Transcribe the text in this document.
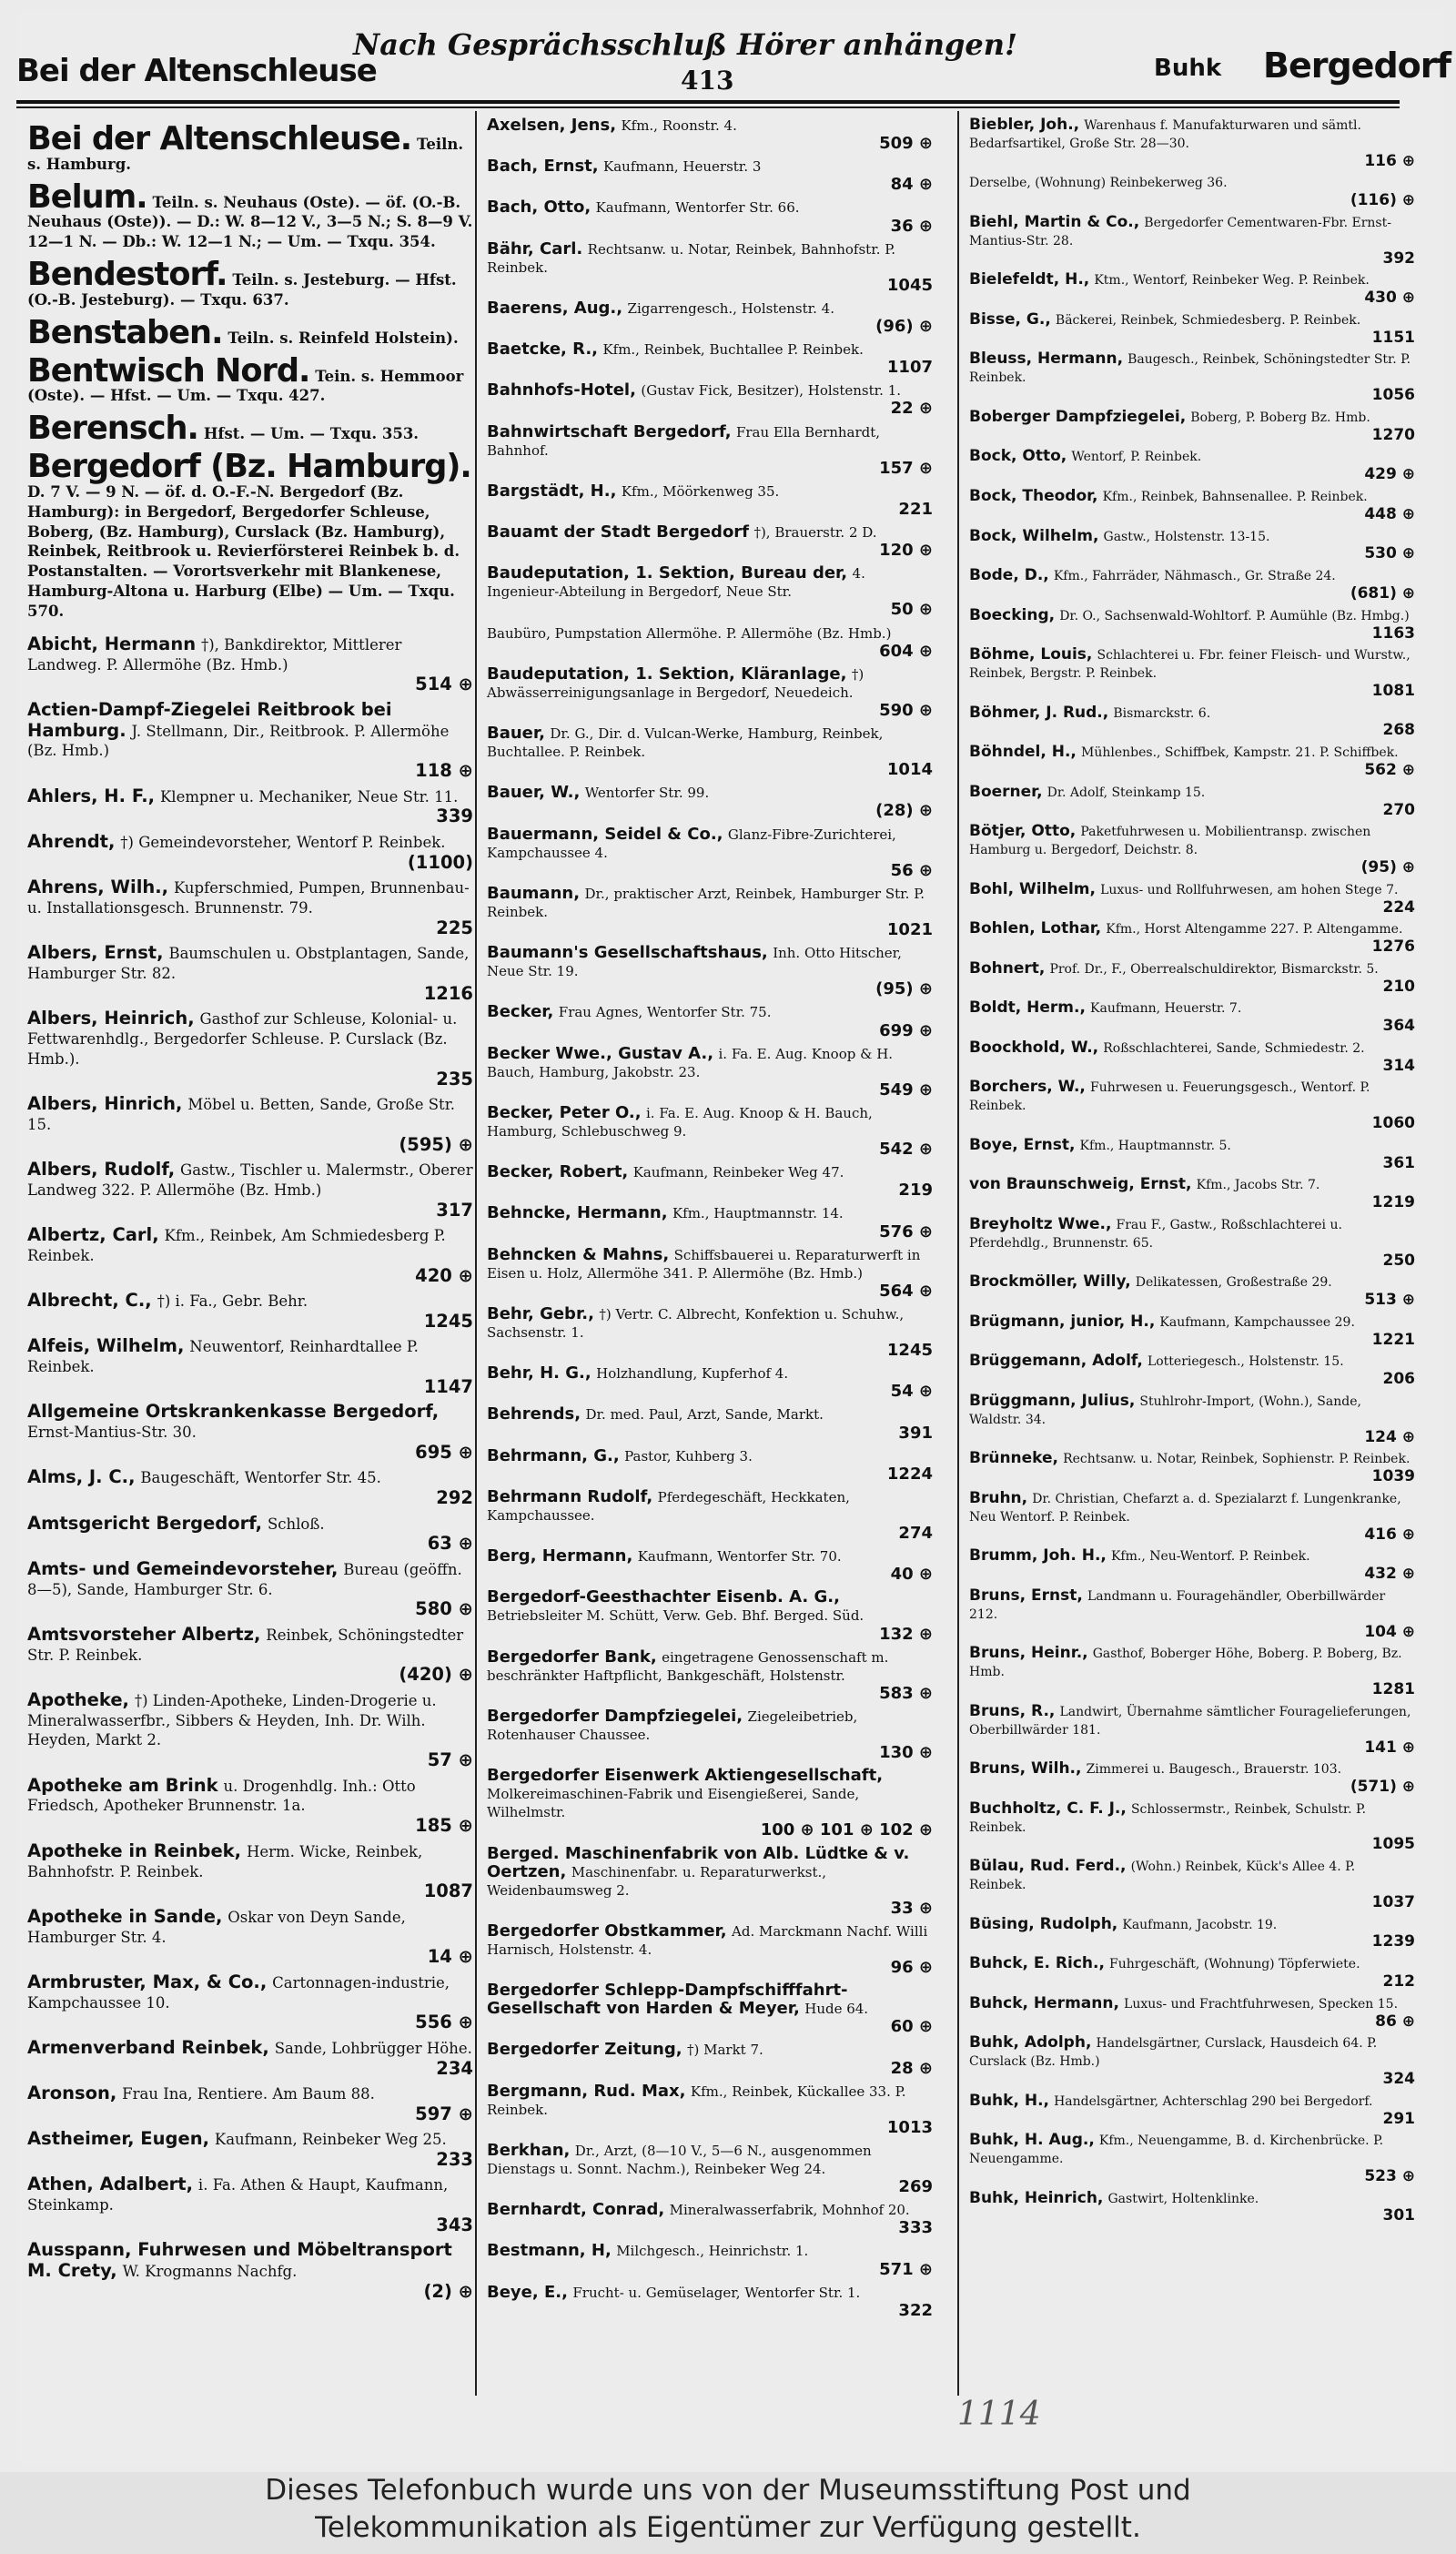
Bei der Altenschleuse
Nach Gesprächsschluß Hörer anhängen!
413	Buhk Bergedorf
Bei der Altenschleuse. Teiln. s. Hamburg.
Belum. Teiln. s. Neuhaus (Oste). — öf. (O.-B. Neuhaus (Oste)). — D.: W. 8—12 V., 3—5 N.; S. 8—9 V. 12—1 N. — Db.: W. 12—1 N.; — Um. — Txqu. 354.
Bendestorf. Teiln. s. Jesteburg. — Hfst. (O.-B. Jesteburg). — Txqu. 637.
Benstaben. Teiln. s. Reinfeld Holstein).
Bentwisch Nord. Tein. s. Hemmoor (Oste). — Hfst. — Um. — Txqu. 427.
Berensch. Hfst. — Um. — Txqu. 353.
Bergedorf (Bz. Hamburg). D. 7 V. — 9 N. — öf. d. O.-F.-N. Bergedorf (Bz. Hamburg): in Bergedorf, Bergedorfer Schleuse, Boberg, (Bz. Hamburg), Curslack (Bz. Hamburg), Reinbek, Reitbrook u. Revierförsterei Reinbek b. d. Postanstalten. — Vorortsverkehr mit Blankenese, Hamburg-Altona u. Harburg (Elbe) — Um. — Txqu. 570.
Abicht, Hermann †), Bankdirektor, Mittlerer Landweg. P. Allermöhe (Bz. Hmb.)
514 ⊕
Actien-Dampf-Ziegelei Reitbrook bei Hamburg. J. Stellmann, Dir., Reitbrook. P. Allermöhe (Bz. Hmb.)
118 ⊕
Ahlers, H. F., Klempner u. Mechaniker, Neue Str. 11.
339
Ahrendt, †) Gemeindevorsteher, Wentorf P. Reinbek.
(1100)
Ahrens, Wilh., Kupferschmied, Pumpen, Brunnenbau- u. Installationsgesch. Brunnenstr. 79.
225
Albers, Ernst, Baumschulen u. Obstplantagen, Sande, Hamburger Str. 82.
1216
Albers, Heinrich, Gasthof zur Schleuse, Kolonial- u. Fettwarenhdlg., Bergedorfer Schleuse. P. Curslack (Bz. Hmb.).
235
Albers, Hinrich, Möbel u. Betten, Sande, Große Str. 15.
(595) ⊕
Albers, Rudolf, Gastw., Tischler u. Malermstr., Oberer Landweg 322. P. Allermöhe (Bz. Hmb.)
317
Albertz, Carl, Kfm., Reinbek, Am Schmiedesberg P. Reinbek.
420 ⊕
Albrecht, C., †) i. Fa., Gebr. Behr.
1245
Alfeis, Wilhelm, Neuwentorf, Reinhardtallee P. Reinbek.
1147
Allgemeine Ortskrankenkasse Bergedorf, Ernst-Mantius-Str. 30.
695 ⊕
Alms, J. C., Baugeschäft, Wentorfer Str. 45.
292
Amtsgericht Bergedorf, Schloß.
63 ⊕
Amts- und Gemeindevorsteher, Bureau (geöffn. 8—5), Sande, Hamburger Str. 6.
580 ⊕
Amtsvorsteher Albertz, Reinbek, Schöningstedter Str. P. Reinbek.
(420) ⊕
Apotheke, †) Linden-Apotheke, Linden-Drogerie u. Mineralwasserfbr., Sibbers & Heyden, Inh. Dr. Wilh. Heyden, Markt 2.
57 ⊕
Apotheke am Brink u. Drogenhdlg. Inh.: Otto Friedsch, Apotheker Brunnenstr. 1a.
185 ⊕
Apotheke in Reinbek, Herm. Wicke, Reinbek, Bahnhofstr. P. Reinbek.
1087
Apotheke in Sande, Oskar von Deyn Sande, Hamburger Str. 4.
14 ⊕
Armbruster, Max, & Co., Cartonnagen-industrie, Kampchaussee 10.
556 ⊕
Armenverband Reinbek, Sande, Lohbrügger Höhe.
234
Aronson, Frau Ina, Rentiere. Am Baum 88.
597 ⊕
Astheimer, Eugen, Kaufmann, Reinbeker Weg 25.
233
Athen, Adalbert, i. Fa. Athen & Haupt, Kaufmann, Steinkamp.
343
Ausspann, Fuhrwesen und Möbeltransport M. Crety, W. Krogmanns Nachfg.
(2) ⊕
Axelsen, Jens, Kfm., Roonstr. 4.
509 ⊕
Bach, Ernst, Kaufmann, Heuerstr. 3
84 ⊕
Bach, Otto, Kaufmann, Wentorfer Str. 66.
36 ⊕
Bähr, Carl. Rechtsanw. u. Notar, Reinbek, Bahnhofstr. P. Reinbek.
1045
Baerens, Aug., Zigarrengesch., Holstenstr. 4.
(96) ⊕
Baetcke, R., Kfm., Reinbek, Buchtallee P. Reinbek.
1107
Bahnhofs-Hotel, (Gustav Fick, Besitzer), Holstenstr. 1.
22 ⊕
Bahnwirtschaft Bergedorf, Frau Ella Bernhardt, Bahnhof.
157 ⊕
Bargstädt, H., Kfm., Möörkenweg 35.
221
Bauamt der Stadt Bergedorf †), Brauerstr. 2 D.
120 ⊕
Baudeputation, 1. Sektion, Bureau der, 4. Ingenieur-Abteilung in Bergedorf, Neue Str.
50 ⊕
Baubüro, Pumpstation Allermöhe. P. Allermöhe (Bz. Hmb.)
604 ⊕
Baudeputation, 1. Sektion, Kläranlage, †) Abwässerreinigungsanlage in Bergedorf, Neuedeich.
590 ⊕
Bauer, Dr. G., Dir. d. Vulcan-Werke, Hamburg, Reinbek, Buchtallee. P. Reinbek.
1014
Bauer, W., Wentorfer Str. 99.
(28) ⊕
Bauermann, Seidel & Co., Glanz-Fibre-Zurichterei, Kampchaussee 4.
56 ⊕
Baumann, Dr., praktischer Arzt, Reinbek, Hamburger Str. P. Reinbek.
1021
Baumann's Gesellschaftshaus, Inh. Otto Hitscher, Neue Str. 19.
(95) ⊕
Becker, Frau Agnes, Wentorfer Str. 75.
699 ⊕
Becker Wwe., Gustav A., i. Fa. E. Aug. Knoop & H. Bauch, Hamburg, Jakobstr. 23.
549 ⊕
Becker, Peter O., i. Fa. E. Aug. Knoop & H. Bauch, Hamburg, Schlebuschweg 9.
542 ⊕
Becker, Robert, Kaufmann, Reinbeker Weg 47.
219
Behncke, Hermann, Kfm., Hauptmannstr. 14.
576 ⊕
Behncken & Mahns, Schiffsbauerei u. Reparaturwerft in Eisen u. Holz, Allermöhe 341. P. Allermöhe (Bz. Hmb.)
564 ⊕
Behr, Gebr., †) Vertr. C. Albrecht, Konfektion u. Schuhw., Sachsenstr. 1.
1245
Behr, H. G., Holzhandlung, Kupferhof 4.
54 ⊕
Behrends, Dr. med. Paul, Arzt, Sande, Markt.
391
Behrmann, G., Pastor, Kuhberg 3.
1224
Behrmann Rudolf, Pferdegeschäft, Heckkaten, Kampchaussee.
274
Berg, Hermann, Kaufmann, Wentorfer Str. 70.
40 ⊕
Bergedorf-Geesthachter Eisenb. A. G., Betriebsleiter M. Schütt, Verw. Geb. Bhf. Berged. Süd.
132 ⊕
Bergedorfer Bank, eingetragene Genossenschaft m. beschränkter Haftpflicht, Bankgeschäft, Holstenstr.
583 ⊕
Bergedorfer Dampfziegelei, Ziegeleibetrieb, Rotenhauser Chaussee.
130 ⊕
Bergedorfer Eisenwerk Aktiengesellschaft, Molkereimaschinen-Fabrik und Eisengießerei, Sande, Wilhelmstr.
100 ⊕ 101 ⊕ 102 ⊕
Berged. Maschinenfabrik von Alb. Lüdtke & v. Oertzen, Maschinenfabr. u. Reparaturwerkst., Weidenbaumsweg 2.
33 ⊕
Bergedorfer Obstkammer, Ad. Marckmann Nachf. Willi Harnisch, Holstenstr. 4.
96 ⊕
Bergedorfer Schlepp-Dampfschifffahrt-Gesellschaft von Harden & Meyer, Hude 64.
60 ⊕
Bergedorfer Zeitung, †) Markt 7.
28 ⊕
Bergmann, Rud. Max, Kfm., Reinbek, Kückallee 33. P. Reinbek.
1013
Berkhan, Dr., Arzt, (8—10 V., 5—6 N., ausgenommen Dienstags u. Sonnt. Nachm.), Reinbeker Weg 24.
269
Bernhardt, Conrad, Mineralwasserfabrik, Mohnhof 20.
333
Bestmann, H, Milchgesch., Heinrichstr. 1.
571 ⊕
Beye, E., Frucht- u. Gemüselager, Wentorfer Str. 1.
322
Biebler, Joh., Warenhaus f. Manufakturwaren und sämtl. Bedarfsartikel, Große Str. 28—30.
116 ⊕
Derselbe, (Wohnung) Reinbekerweg 36.
(116) ⊕
Biehl, Martin & Co., Bergedorfer Cementwaren-Fbr. Ernst-Mantius-Str. 28.
392
Bielefeldt, H., Ktm., Wentorf, Reinbeker Weg. P. Reinbek.
430 ⊕
Bisse, G., Bäckerei, Reinbek, Schmiedesberg. P. Reinbek.
1151
Bleuss, Hermann, Baugesch., Reinbek, Schöningstedter Str. P. Reinbek.
1056
Boberger Dampfziegelei, Boberg, P. Boberg Bz. Hmb.
1270
Bock, Otto, Wentorf, P. Reinbek.
429 ⊕
Bock, Theodor, Kfm., Reinbek, Bahnsenallee. P. Reinbek.
448 ⊕
Bock, Wilhelm, Gastw., Holstenstr. 13-15.
530 ⊕
Bode, D., Kfm., Fahrräder, Nähmasch., Gr. Straße 24.
(681) ⊕
Boecking, Dr. O., Sachsenwald-Wohltorf. P. Aumühle (Bz. Hmbg.)
1163
Böhme, Louis, Schlachterei u. Fbr. feiner Fleisch- und Wurstw., Reinbek, Bergstr. P. Reinbek.
1081
Böhmer, J. Rud., Bismarckstr. 6.
268
Böhndel, H., Mühlenbes., Schiffbek, Kampstr. 21. P. Schiffbek.
562 ⊕
Boerner, Dr. Adolf, Steinkamp 15.
270
Bötjer, Otto, Paketfuhrwesen u. Mobilientransp. zwischen Hamburg u. Bergedorf, Deichstr. 8.
(95) ⊕
Bohl, Wilhelm, Luxus- und Rollfuhrwesen, am hohen Stege 7.
224
Bohlen, Lothar, Kfm., Horst Altengamme 227. P. Altengamme.
1276
Bohnert, Prof. Dr., F., Oberrealschuldirektor, Bismarckstr. 5.
210
Boldt, Herm., Kaufmann, Heuerstr. 7.
364
Boockhold, W., Roßschlachterei, Sande, Schmiedestr. 2.
314
Borchers, W., Fuhrwesen u. Feuerungsgesch., Wentorf. P. Reinbek.
1060
Boye, Ernst, Kfm., Hauptmannstr. 5.
361
von Braunschweig, Ernst, Kfm., Jacobs Str. 7.
1219
Breyholtz Wwe., Frau F., Gastw., Roßschlachterei u. Pferdehdlg., Brunnenstr. 65.
250
Brockmöller, Willy, Delikatessen, Großestraße 29.
513 ⊕
Brügmann, junior, H., Kaufmann, Kampchaussee 29.
1221
Brüggemann, Adolf, Lotteriegesch., Holstenstr. 15.
206
Brüggmann, Julius, Stuhlrohr-Import, (Wohn.), Sande, Waldstr. 34.
124 ⊕
Brünneke, Rechtsanw. u. Notar, Reinbek, Sophienstr. P. Reinbek.
1039
Bruhn, Dr. Christian, Chefarzt a. d. Spezialarzt f. Lungenkranke, Neu Wentorf. P. Reinbek.
416 ⊕
Brumm, Joh. H., Kfm., Neu-Wentorf. P. Reinbek.
432 ⊕
Bruns, Ernst, Landmann u. Fouragehändler, Oberbillwärder 212.
104 ⊕
Bruns, Heinr., Gasthof, Boberger Höhe, Boberg. P. Boberg, Bz. Hmb.
1281
Bruns, R., Landwirt, Übernahme sämtlicher Fouragelieferungen, Oberbillwärder 181.
141 ⊕
Bruns, Wilh., Zimmerei u. Baugesch., Brauerstr. 103.
(571) ⊕
Buchholtz, C. F. J., Schlossermstr., Reinbek, Schulstr. P. Reinbek.
1095
Bülau, Rud. Ferd., (Wohn.) Reinbek, Kück's Allee 4. P. Reinbek.
1037
Büsing, Rudolph, Kaufmann, Jacobstr. 19.
1239
Buhck, E. Rich., Fuhrgeschäft, (Wohnung) Töpferwiete.
212
Buhck, Hermann, Luxus- und Frachtfuhrwesen, Specken 15.
86 ⊕
Buhk, Adolph, Handelsgärtner, Curslack, Hausdeich 64. P. Curslack (Bz. Hmb.)
324
Buhk, H., Handelsgärtner, Achterschlag 290 bei Bergedorf.
291
Buhk, H. Aug., Kfm., Neuengamme, B. d. Kirchenbrücke. P. Neuengamme.
523 ⊕
Buhk, Heinrich, Gastwirt, Holtenklinke.
301
1114
Dieses Telefonbuch wurde uns von der Museumsstiftung Post und
Telekommunikation als Eigentümer zur Verfügung gestellt.
